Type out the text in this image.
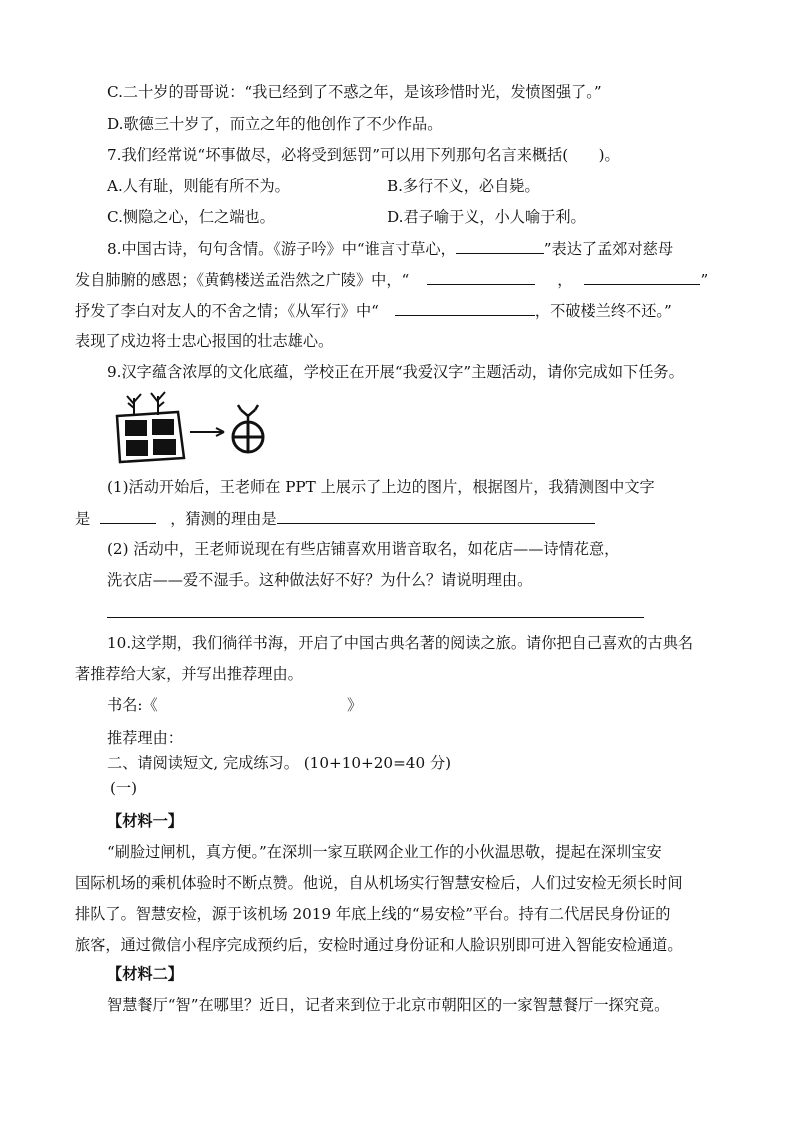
C.二十岁的哥哥说：“我已经到了不惑之年，是该珍惜时光，发愤图强了。”
D.歌德三十岁了，而立之年的他创作了不少作品。
7.我们经常说“坏事做尽，必将受到惩罚”可以用下列那句名言来概括(　　)。
A.人有耻，则能有所不为。	B.多行不义，必自毙。
C.恻隐之心，仁之端也。	D.君子喻于义，小人喻于利。
8.中国古诗，句句含情。《游子吟》中“谁言寸草心，	”表达了孟郊对慈母
发自肺腑的感恩；《黄鹤楼送孟浩然之广陵》中，“	，	”
抒发了李白对友人的不舍之情；《从军行》中“	，不破楼兰终不还。”
表现了戍边将士忠心报国的壮志雄心。
9.汉字蕴含浓厚的文化底蕴，学校正在开展“我爱汉字”主题活动，请你完成如下任务。
(1)活动开始后，王老师在 PPT 上展示了上边的图片，根据图片，我猜测图中文字
是	，猜测的理由是
(2) 活动中，王老师说现在有些店铺喜欢用谐音取名，如花店——诗情花意，
洗衣店——爱不湿手。这种做法好不好？为什么？请说明理由。
10.这学期，我们徜徉书海，开启了中国古典名著的阅读之旅。请你把自己喜欢的古典名
著推荐给大家，并写出推荐理由。
书名:《	》
推荐理由：
二、请阅读短文, 完成练习。 (10+10+20=40 分)
(一)
【材料一】
“刷脸过闸机，真方便。”在深圳一家互联网企业工作的小伙温思敬，提起在深圳宝安
国际机场的乘机体验时不断点赞。他说，自从机场实行智慧安检后，人们过安检无须长时间
排队了。智慧安检，源于该机场 2019 年底上线的“易安检”平台。持有二代居民身份证的
旅客，通过微信小程序完成预约后，安检时通过身份证和人脸识别即可进入智能安检通道。
【材料二】
智慧餐厅“智”在哪里？近日，记者来到位于北京市朝阳区的一家智慧餐厅一探究竟。
